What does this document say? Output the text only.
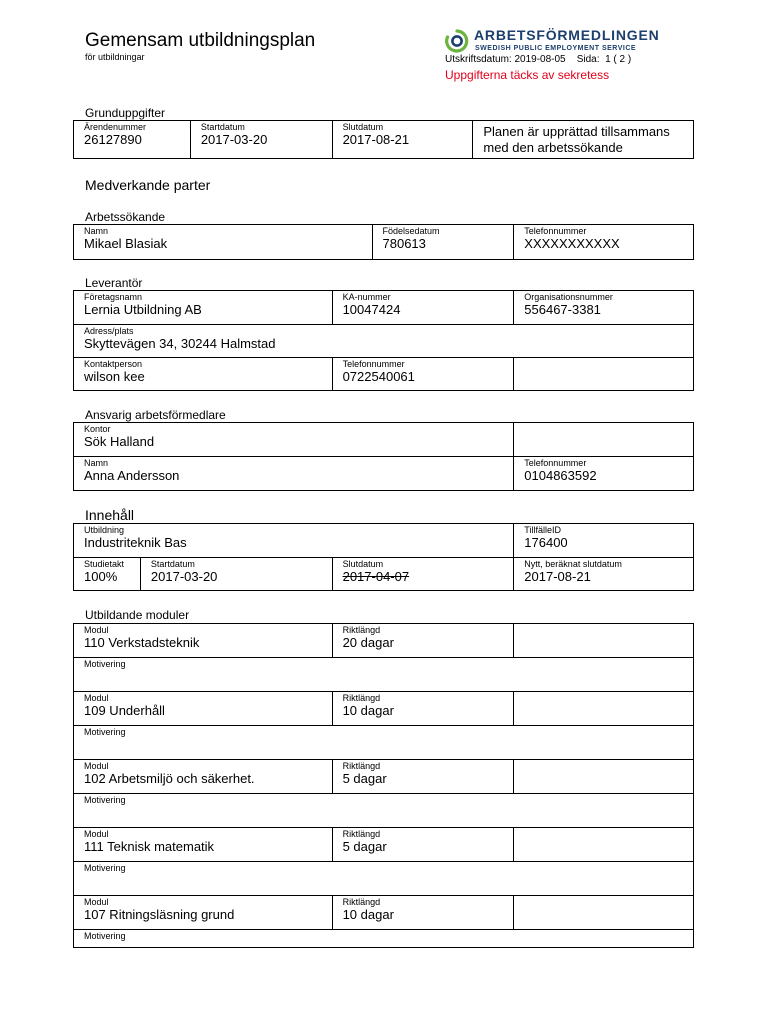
Gemensam utbildningsplan
för utbildningar
ARBETSFÖRMEDLINGEN
SWEDISH PUBLIC EMPLOYMENT SERVICE
Utskriftsdatum: 2019-08-05    Sida:  1 ( 2 )
Uppgifterna täcks av sekretess
Grunduppgifter
Ärendenummer
26127890
Startdatum
2017-03-20
Slutdatum
2017-08-21
Planen är upprättad tillsammans
med den arbetssökande
Medverkande parter
Arbetssökande
Namn
Mikael Blasiak
Födelsedatum
780613
Telefonnummer
XXXXXXXXXXX
Leverantör
Företagsnamn
Lernia Utbildning AB
KA-nummer
10047424
Organisationsnummer
556467-3381
Adress/plats
Skyttevägen 34, 30244 Halmstad
Kontaktperson
wilson kee
Telefonnummer
0722540061
Ansvarig arbetsförmedlare
Kontor
Sök Halland
Namn
Anna Andersson
Telefonnummer
0104863592
Innehåll
Utbildning
Industriteknik Bas
TillfälleID
176400
Studietakt
100%
Startdatum
2017-03-20
Slutdatum
2017-04-07
Nytt, beräknat slutdatum
2017-08-21
Utbildande moduler
Modul
110 Verkstadsteknik
Riktlängd
20 dagar
Motivering
Modul
109 Underhåll
Riktlängd
10 dagar
Motivering
Modul
102 Arbetsmiljö och säkerhet.
Riktlängd
5 dagar
Motivering
Modul
111 Teknisk matematik
Riktlängd
5 dagar
Motivering
Modul
107 Ritningsläsning grund
Riktlängd
10 dagar
Motivering
